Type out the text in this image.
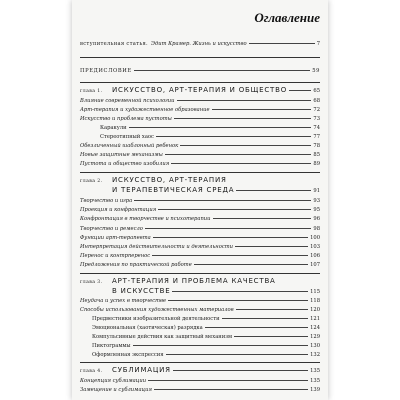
Оглавление
вступительная статья. Эдит Крамер. Жизнь и искусство	7
ПРЕДИСЛОВИЕ	59
глава 1.	ИСКУССТВО, АРТ-ТЕРАПИЯ И ОБЩЕСТВО	65
Влияние современной психологии	68
Арт-терапия и художественное образование	72
Искусство и проблема пустоты	73
Каракули	74
Стереотипный хаос	77
Обезличенный шаблонный ребенок	78
Новые защитные механизмы	85
Пустота и общество изобилия	89
глава 2.	ИСКУССТВО, АРТ-ТЕРАПИЯ
И ТЕРАПЕВТИЧЕСКАЯ СРЕДА	91
Творчество и игра	93
Проекция и конфронтация	95
Конфронтация в творчестве и психотерапии	96
Творчество и ремесло	98
Функции арт-терапевта	100
Интерпретация действительности и деятельности	103
Перенос и контрперенос	106
Предложения по практической работе	107
глава 3.	АРТ-ТЕРАПИЯ И ПРОБЛЕМА КАЧЕСТВА
В ИСКУССТВЕ	115
Неудача и успех в творчестве	118
Способы использования художественных материалов	120
Предвестники изобразительной деятельности	121
Эмоциональная (хаотическая) разрядка	124
Компульсивные действия как защитный механизм	129
Пиктограммы	130
Оформленная экспрессия	132
глава 4.	СУБЛИМАЦИЯ	135
Концепция сублимации	135
Замещение и сублимация	139
